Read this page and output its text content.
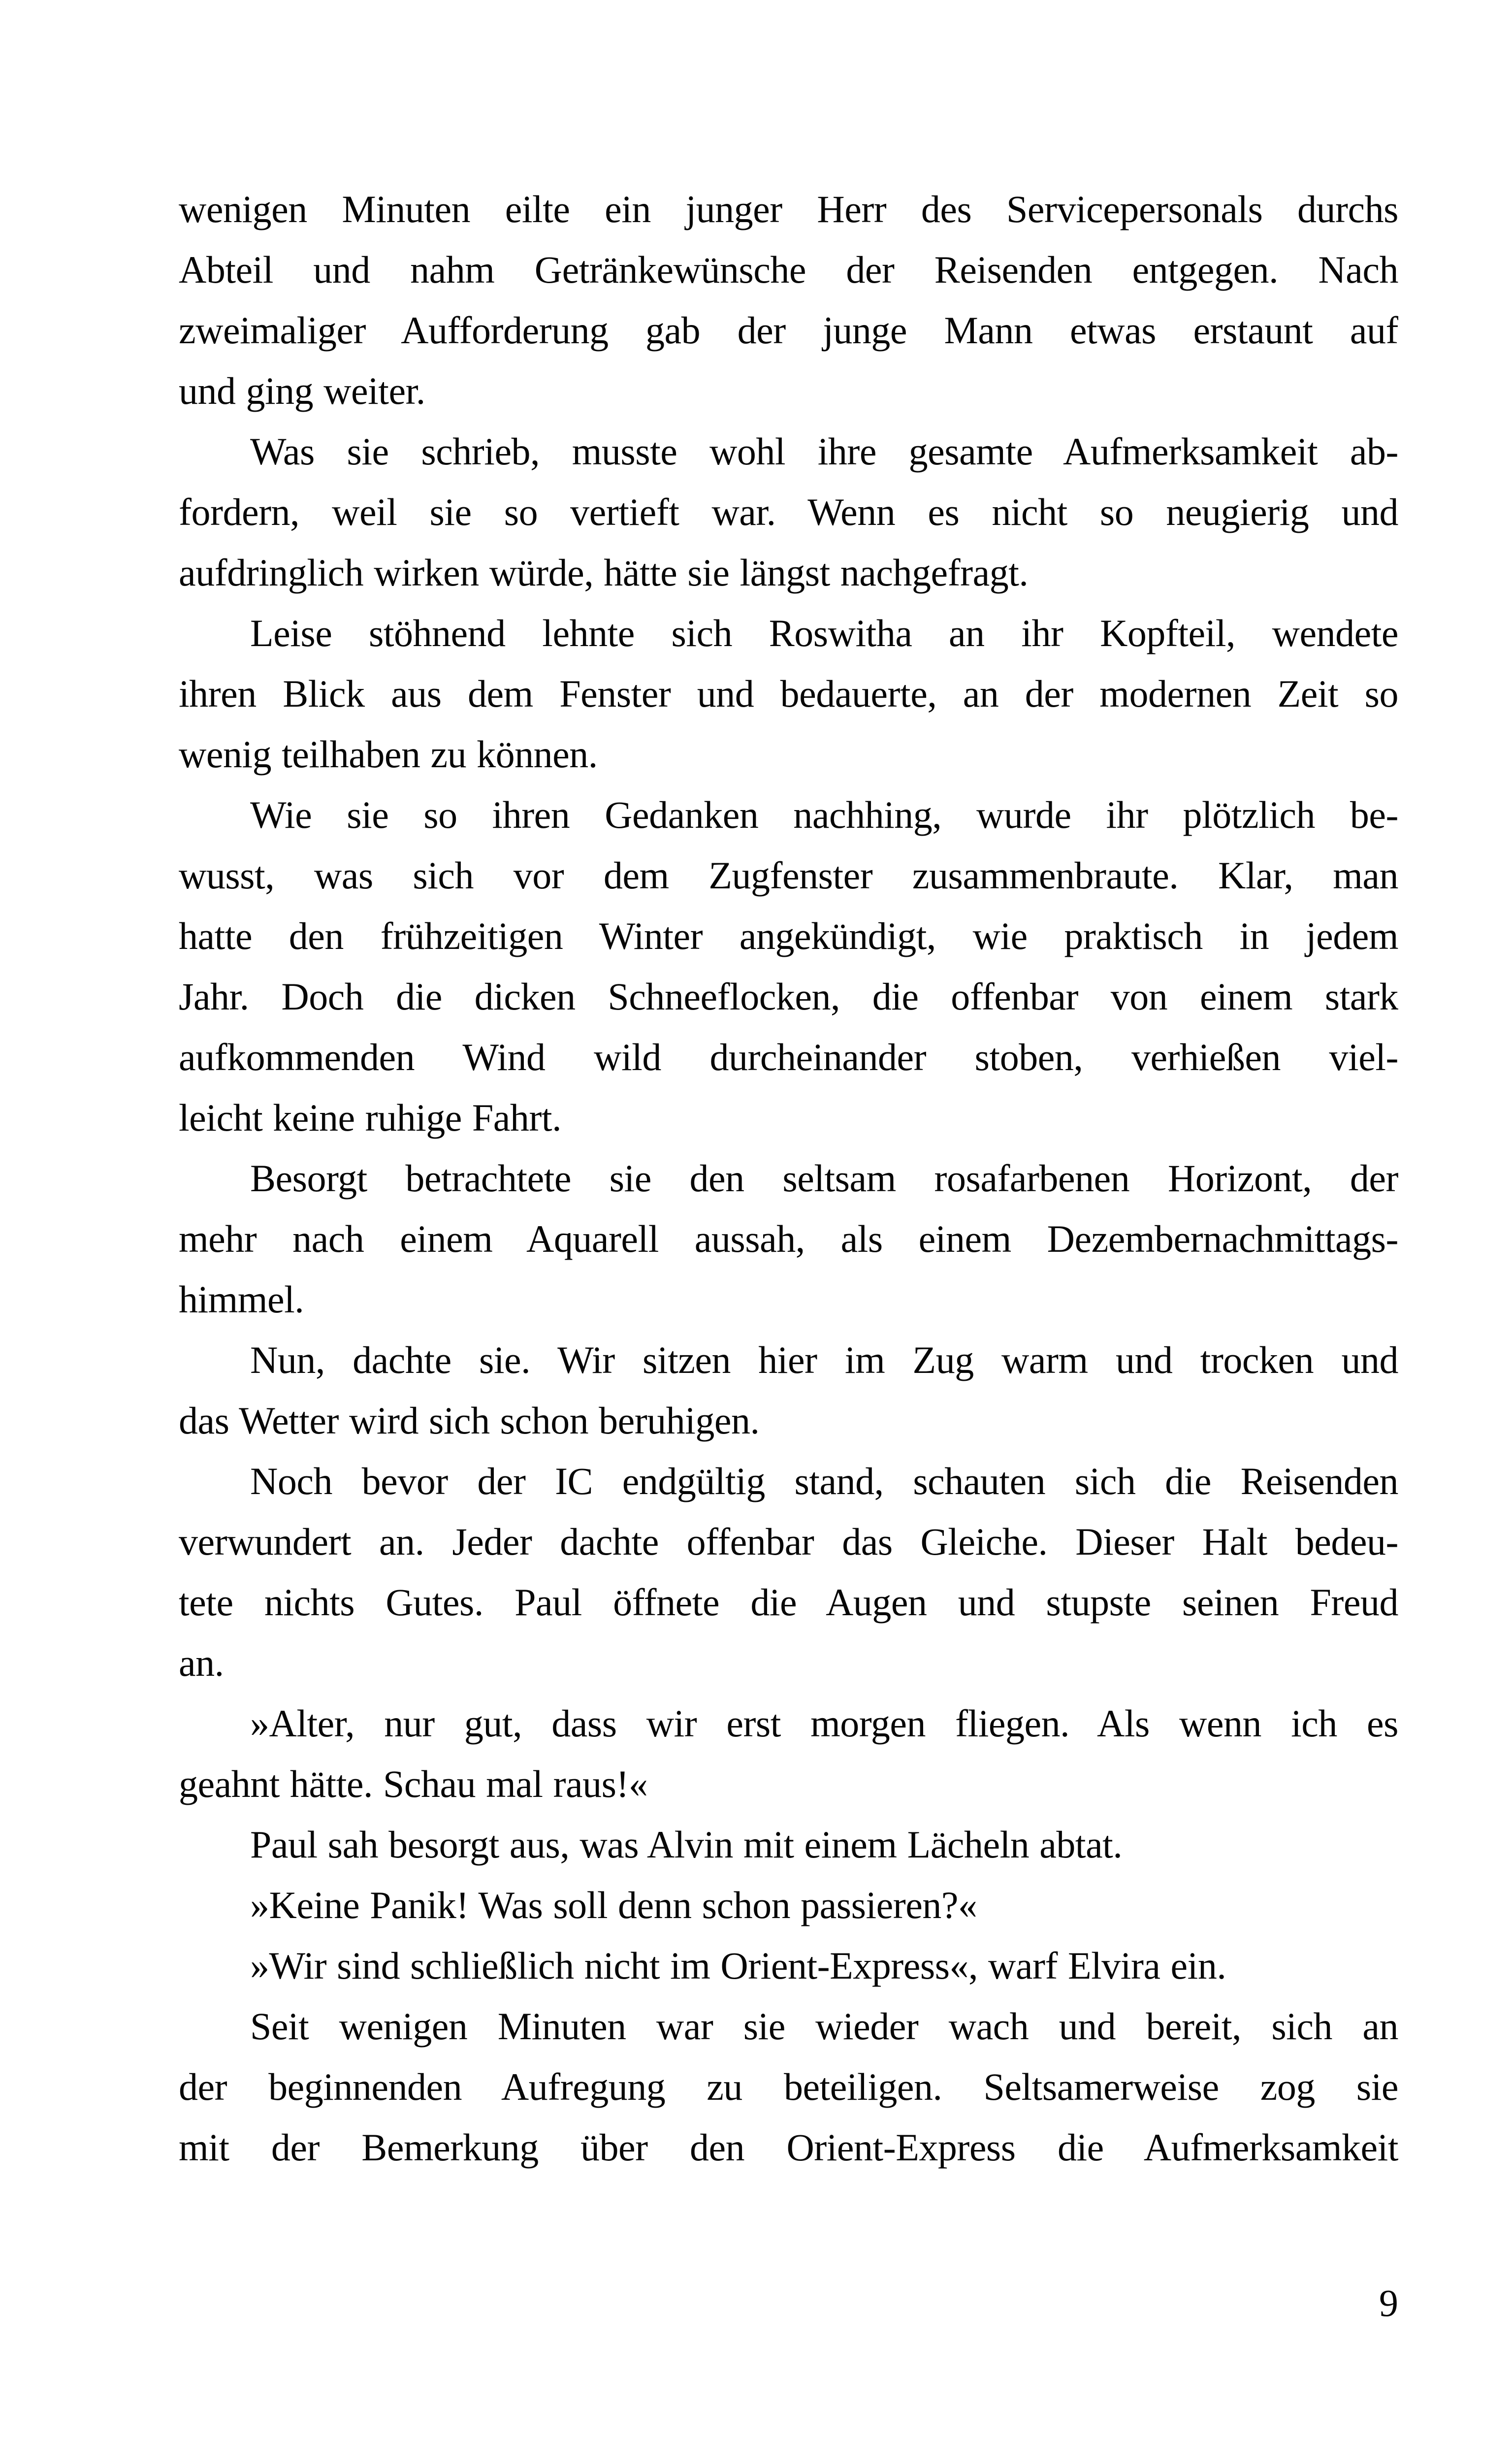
wenigen Minuten eilte ein junger Herr des Servicepersonals durchs
Abteil und nahm Getränkewünsche der Reisenden entgegen. Nach
zweimaliger Aufforderung gab der junge Mann etwas erstaunt auf
und ging weiter.
Was sie schrieb, musste wohl ihre gesamte Aufmerksamkeit ab-
fordern, weil sie so vertieft war. Wenn es nicht so neugierig und
aufdringlich wirken würde, hätte sie längst nachgefragt.
Leise stöhnend lehnte sich Roswitha an ihr Kopfteil, wendete
ihren Blick aus dem Fenster und bedauerte, an der modernen Zeit so
wenig teilhaben zu können.
Wie sie so ihren Gedanken nachhing, wurde ihr plötzlich be-
wusst, was sich vor dem Zugfenster zusammenbraute. Klar, man
hatte den frühzeitigen Winter angekündigt, wie praktisch in jedem
Jahr. Doch die dicken Schneeflocken, die offenbar von einem stark
aufkommenden Wind wild durcheinander stoben, verhießen viel-
leicht keine ruhige Fahrt.
Besorgt betrachtete sie den seltsam rosafarbenen Horizont, der
mehr nach einem Aquarell aussah, als einem Dezembernachmittags-
himmel.
Nun, dachte sie. Wir sitzen hier im Zug warm und trocken und
das Wetter wird sich schon beruhigen.
Noch bevor der IC endgültig stand, schauten sich die Reisenden
verwundert an. Jeder dachte offenbar das Gleiche. Dieser Halt bedeu-
tete nichts Gutes. Paul öffnete die Augen und stupste seinen Freud
an.
»Alter, nur gut, dass wir erst morgen fliegen. Als wenn ich es
geahnt hätte. Schau mal raus!«
Paul sah besorgt aus, was Alvin mit einem Lächeln abtat.
»Keine Panik! Was soll denn schon passieren?«
»Wir sind schließlich nicht im Orient-Express«, warf Elvira ein.
Seit wenigen Minuten war sie wieder wach und bereit, sich an
der beginnenden Aufregung zu beteiligen. Seltsamerweise zog sie
mit der Bemerkung über den Orient-Express die Aufmerksamkeit
9
